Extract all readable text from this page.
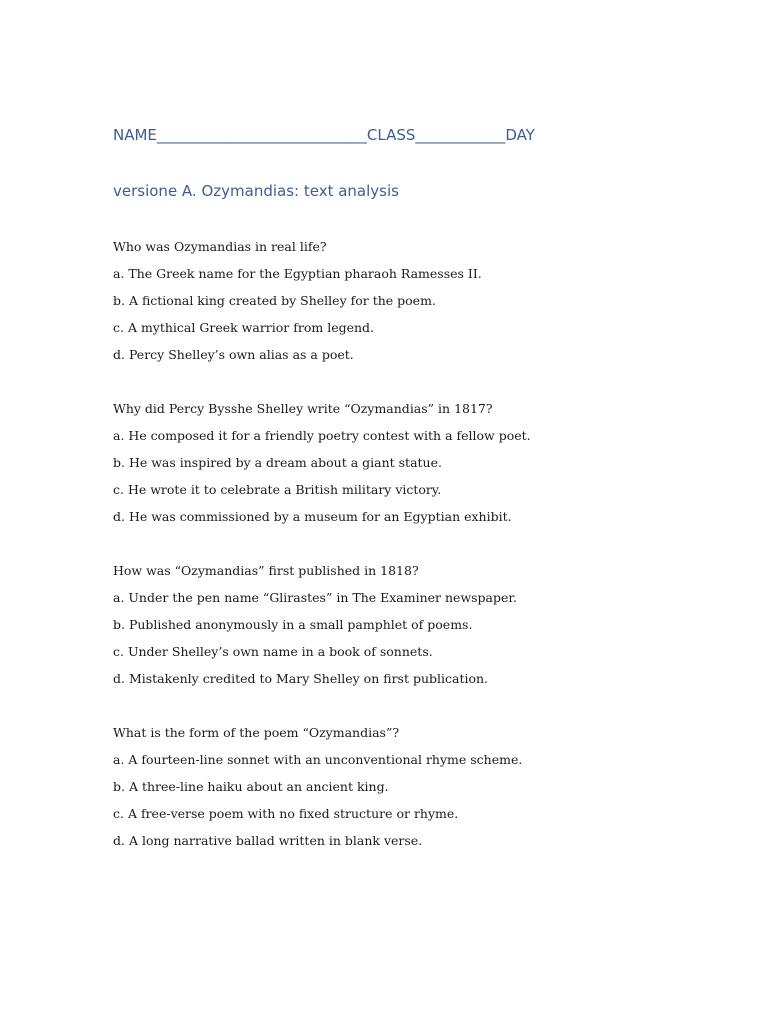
NAME____________________________CLASS____________DAY
versione A. Ozymandias: text analysis
Who was Ozymandias in real life?
a. The Greek name for the Egyptian pharaoh Ramesses II.
b. A fictional king created by Shelley for the poem.
c. A mythical Greek warrior from legend.
d. Percy Shelley’s own alias as a poet.
Why did Percy Bysshe Shelley write “Ozymandias” in 1817?
a. He composed it for a friendly poetry contest with a fellow poet.
b. He was inspired by a dream about a giant statue.
c. He wrote it to celebrate a British military victory.
d. He was commissioned by a museum for an Egyptian exhibit.
How was “Ozymandias” first published in 1818?
a. Under the pen name “Glirastes” in The Examiner newspaper.
b. Published anonymously in a small pamphlet of poems.
c. Under Shelley’s own name in a book of sonnets.
d. Mistakenly credited to Mary Shelley on first publication.
What is the form of the poem “Ozymandias”?
a. A fourteen-line sonnet with an unconventional rhyme scheme.
b. A three-line haiku about an ancient king.
c. A free-verse poem with no fixed structure or rhyme.
d. A long narrative ballad written in blank verse.
